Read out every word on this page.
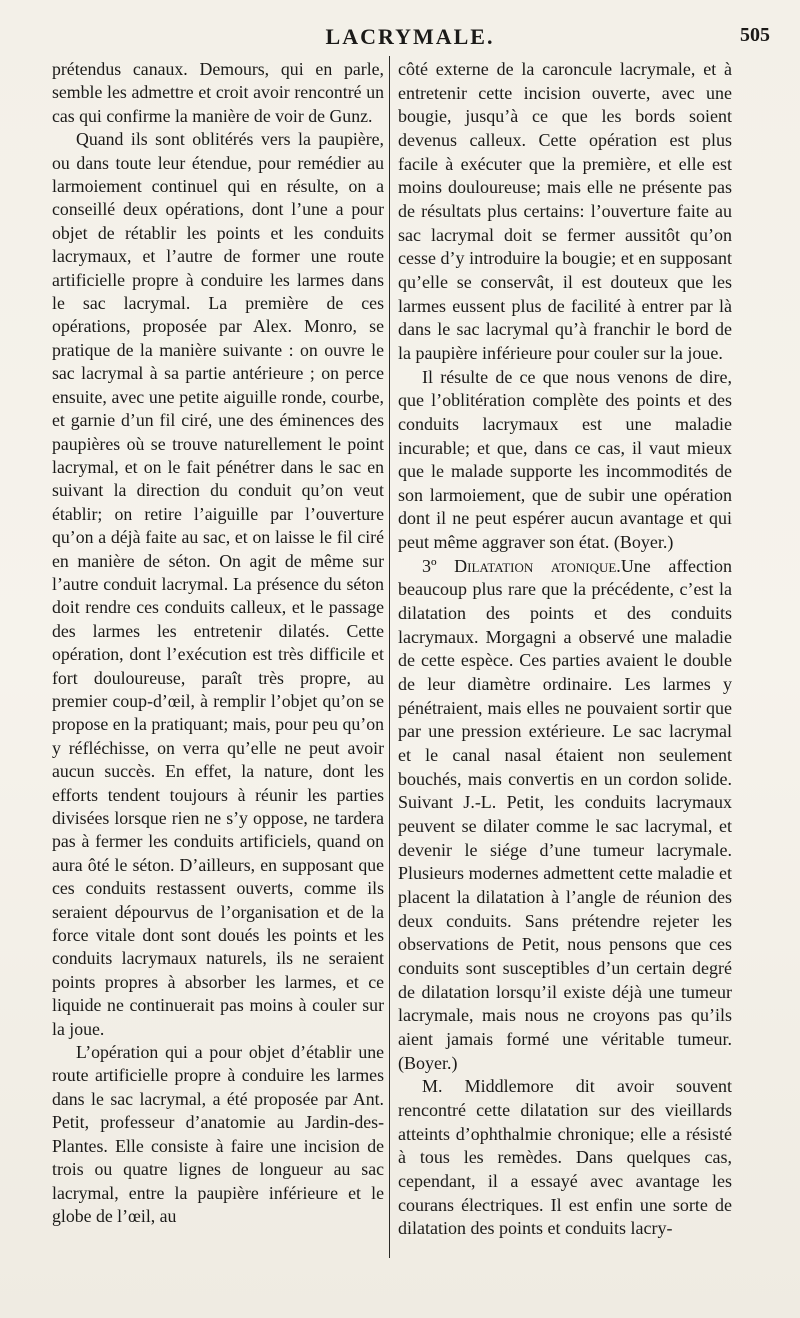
LACRYMALE.	505

prétendus canaux. Demours, qui en parle, semble les admettre et croit avoir rencontré un cas qui confirme la manière de voir de Gunz.

Quand ils sont oblitérés vers la paupière, ou dans toute leur étendue, pour remédier au larmoiement continuel qui en résulte, on a conseillé deux opérations, dont l’une a pour objet de rétablir les points et les conduits lacrymaux, et l’autre de former une route artificielle propre à conduire les larmes dans le sac lacrymal. La première de ces opérations, proposée par Alex. Monro, se pratique de la manière suivante : on ouvre le sac lacrymal à sa partie antérieure ; on perce ensuite, avec une petite aiguille ronde, courbe, et garnie d’un fil ciré, une des éminences des paupières où se trouve naturellement le point lacrymal, et on le fait pénétrer dans le sac en suivant la direction du conduit qu’on veut établir; on retire l’aiguille par l’ouverture qu’on a déjà faite au sac, et on laisse le fil ciré en manière de séton. On agit de même sur l’autre conduit lacrymal. La présence du séton doit rendre ces conduits calleux, et le passage des larmes les entretenir dilatés. Cette opération, dont l’exécution est très difficile et fort douloureuse, paraît très propre, au premier coup-d’œil, à remplir l’objet qu’on se propose en la pratiquant; mais, pour peu qu’on y réfléchisse, on verra qu’elle ne peut avoir aucun succès. En effet, la nature, dont les efforts tendent toujours à réunir les parties divisées lorsque rien ne s’y oppose, ne tardera pas à fermer les conduits artificiels, quand on aura ôté le séton. D’ailleurs, en supposant que ces conduits restassent ouverts, comme ils seraient dépourvus de l’organisation et de la force vitale dont sont doués les points et les conduits lacrymaux naturels, ils ne seraient points propres à absorber les larmes, et ce liquide ne continuerait pas moins à couler sur la joue.

L’opération qui a pour objet d’établir une route artificielle propre à conduire les larmes dans le sac lacrymal, a été proposée par Ant. Petit, professeur d’anatomie au Jardin-des-Plantes. Elle consiste à faire une incision de trois ou quatre lignes de longueur au sac lacrymal, entre la paupière inférieure et le globe de l’œil, au

côté externe de la caroncule lacrymale, et à entretenir cette incision ouverte, avec une bougie, jusqu’à ce que les bords soient devenus calleux. Cette opération est plus facile à exécuter que la première, et elle est moins douloureuse; mais elle ne présente pas de résultats plus certains: l’ouverture faite au sac lacrymal doit se fermer aussitôt qu’on cesse d’y introduire la bougie; et en supposant qu’elle se conservât, il est douteux que les larmes eussent plus de facilité à entrer par là dans le sac lacrymal qu’à franchir le bord de la paupière inférieure pour couler sur la joue.

Il résulte de ce que nous venons de dire, que l’oblitération complète des points et des conduits lacrymaux est une maladie incurable; et que, dans ce cas, il vaut mieux que le malade supporte les incommodités de son larmoiement, que de subir une opération dont il ne peut espérer aucun avantage et qui peut même aggraver son état. (Boyer.)

3º Dilatation atonique.Une affection beaucoup plus rare que la précédente, c’est la dilatation des points et des conduits lacrymaux. Morgagni a observé une maladie de cette espèce. Ces parties avaient le double de leur diamètre ordinaire. Les larmes y pénétraient, mais elles ne pouvaient sortir que par une pression extérieure. Le sac lacrymal et le canal nasal étaient non seulement bouchés, mais convertis en un cordon solide. Suivant J.-L. Petit, les conduits lacrymaux peuvent se dilater comme le sac lacrymal, et devenir le siége d’une tumeur lacrymale. Plusieurs modernes admettent cette maladie et placent la dilatation à l’angle de réunion des deux conduits. Sans prétendre rejeter les observations de Petit, nous pensons que ces conduits sont susceptibles d’un certain degré de dilatation lorsqu’il existe déjà une tumeur lacrymale, mais nous ne croyons pas qu’ils aient jamais formé une véritable tumeur. (Boyer.)

M. Middlemore dit avoir souvent rencontré cette dilatation sur des vieillards atteints d’ophthalmie chronique; elle a résisté à tous les remèdes. Dans quelques cas, cependant, il a essayé avec avantage les courans électriques. Il est enfin une sorte de dilatation des points et conduits lacry-
